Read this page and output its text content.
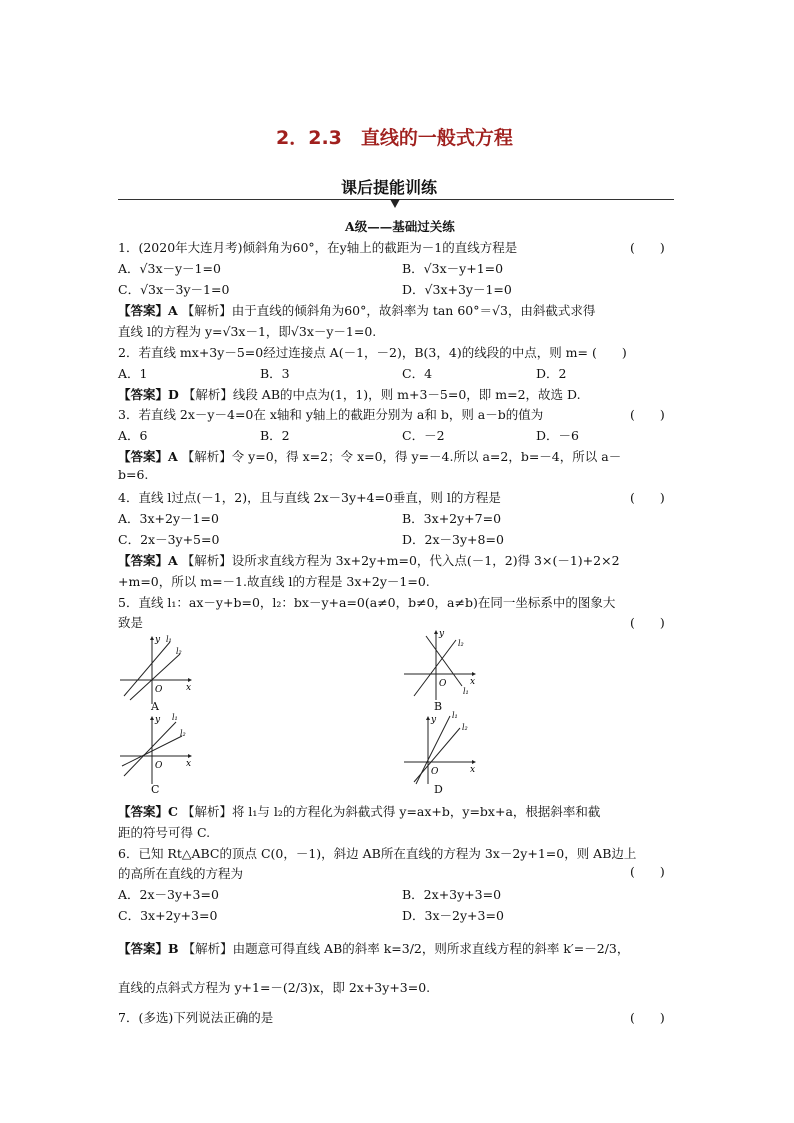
2．2.3　直线的一般式方程
课后提能训练
A级——基础过关练
1．(2020年大连月考)倾斜角为60°，在y轴上的截距为－1的直线方程是	(　　)
A．√3x－y－1=0	B．√3x－y+1=0
C．√3x－3y－1=0	D．√3x+3y－1=0
【答案】A 【解析】由于直线的倾斜角为60°，故斜率为 tan 60°＝√3，由斜截式求得
直线 l的方程为 y=√3x－1，即√3x－y－1=0.
2．若直线 mx+3y－5=0经过连接点 A(－1，－2)，B(3，4)的线段的中点，则 m= (　　)
A．1	B．3	C．4	D．2
【答案】D 【解析】线段 AB的中点为(1，1)，则 m+3－5=0，即 m=2，故选 D.
3．若直线 2x－y－4=0在 x轴和 y轴上的截距分别为 a和 b，则 a－b的值为	(　　)
A．6	B．2	C．－2	D．－6
【答案】A 【解析】令 y=0，得 x=2；令 x=0，得 y=－4.所以 a=2，b=－4，所以 a－
b=6.
4．直线 l过点(－1，2)，且与直线 2x－3y+4=0垂直，则 l的方程是	(　　)
A．3x+2y－1=0	B．3x+2y+7=0
C．2x－3y+5=0	D．2x－3y+8=0
【答案】A 【解析】设所求直线方程为 3x+2y+m=0，代入点(－1，2)得 3×(－1)+2×2
+m=0，所以 m=－1.故直线 l的方程是 3x+2y－1=0.
5．直线 l₁：ax－y+b=0，l₂：bx－y+a=0(a≠0，b≠0，a≠b)在同一坐标系中的图象大
致是	(　　)
x
y
O
l₁
l₂
A
x
y
O
l₂
l₁
B
x
y
O
l₁
l₂
C
x
y
O
l₁
l₂
D
【答案】C 【解析】将 l₁与 l₂的方程化为斜截式得 y=ax+b，y=bx+a，根据斜率和截
距的符号可得 C.
6．已知 Rt△ABC的顶点 C(0，－1)，斜边 AB所在直线的方程为 3x－2y+1=0，则 AB边上
的高所在直线的方程为	(　　)
A．2x－3y+3=0	B．2x+3y+3=0
C．3x+2y+3=0	D．3x－2y+3=0
【答案】B 【解析】由题意可得直线 AB的斜率 k=3/2，则所求直线方程的斜率 k′=－2/3，
直线的点斜式方程为 y+1=－(2/3)x，即 2x+3y+3=0.
7．(多选)下列说法正确的是	(　　)
